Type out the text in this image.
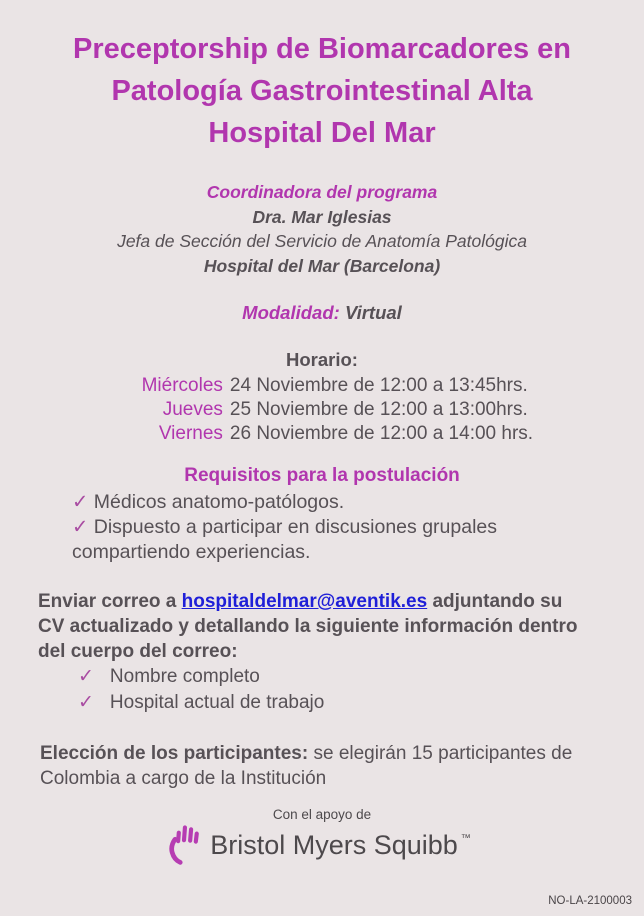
Preceptorship de Biomarcadores en
Patología Gastrointestinal Alta
Hospital Del Mar
Coordinadora del programa
Dra. Mar Iglesias
Jefa de Sección del Servicio de Anatomía Patológica
Hospital del Mar (Barcelona)
Modalidad: Virtual
Horario:
Miércoles 24 Noviembre de 12:00 a 13:45hrs.
Jueves 25 Noviembre de 12:00 a 13:00hrs.
Viernes 26 Noviembre de 12:00 a 14:00 hrs.
Requisitos para la postulación

✓ Médicos anatomo-patólogos.

✓ Dispuesto a participar en discusiones grupales compartiendo experiencias.

Enviar correo a hospitaldelmar@aventik.es adjuntando su CV actualizado y detallando la siguiente información dentro del cuerpo del correo:

✓ Nombre completo

✓ Hospital actual de trabajo

Elección de los participantes: se elegirán 15 participantes de Colombia a cargo de la Institución

Con el apoyo de
Bristol Myers Squibb ™
NO-LA-2100003
